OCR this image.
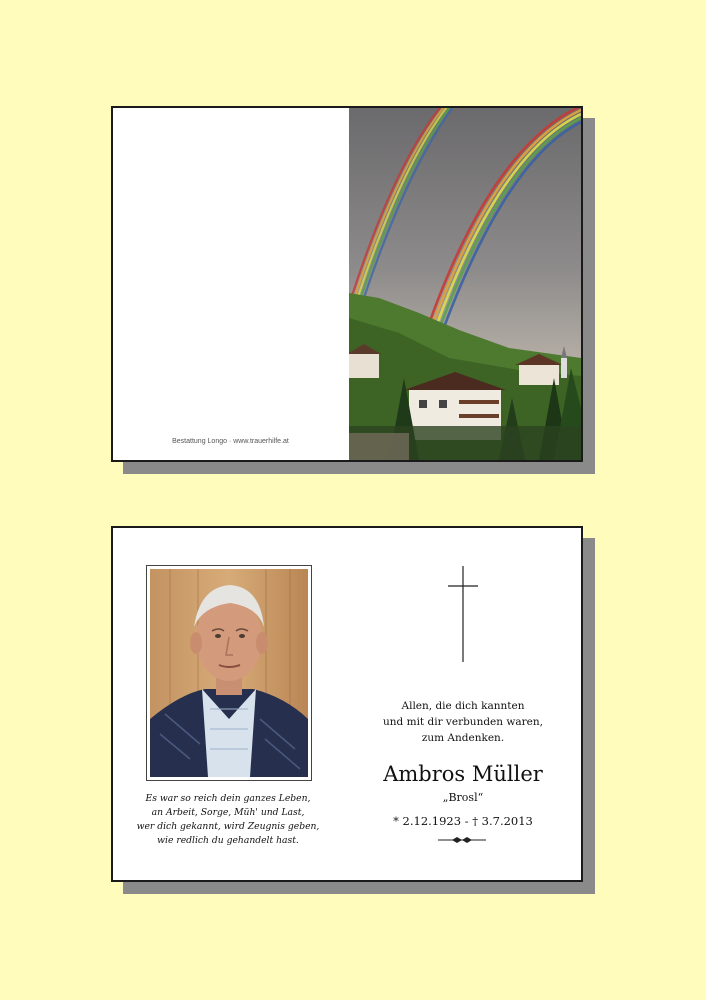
Bestattung Longo · www.trauerhilfe.at
Es war so reich dein ganzes Leben,
an Arbeit, Sorge, Müh' und Last,
wer dich gekannt, wird Zeugnis geben,
wie redlich du gehandelt hast.
Allen, die dich kannten
und mit dir verbunden waren,
zum Andenken.
Ambros Müller
„Brosl“
* 2.12.1923 - † 3.7.2013
